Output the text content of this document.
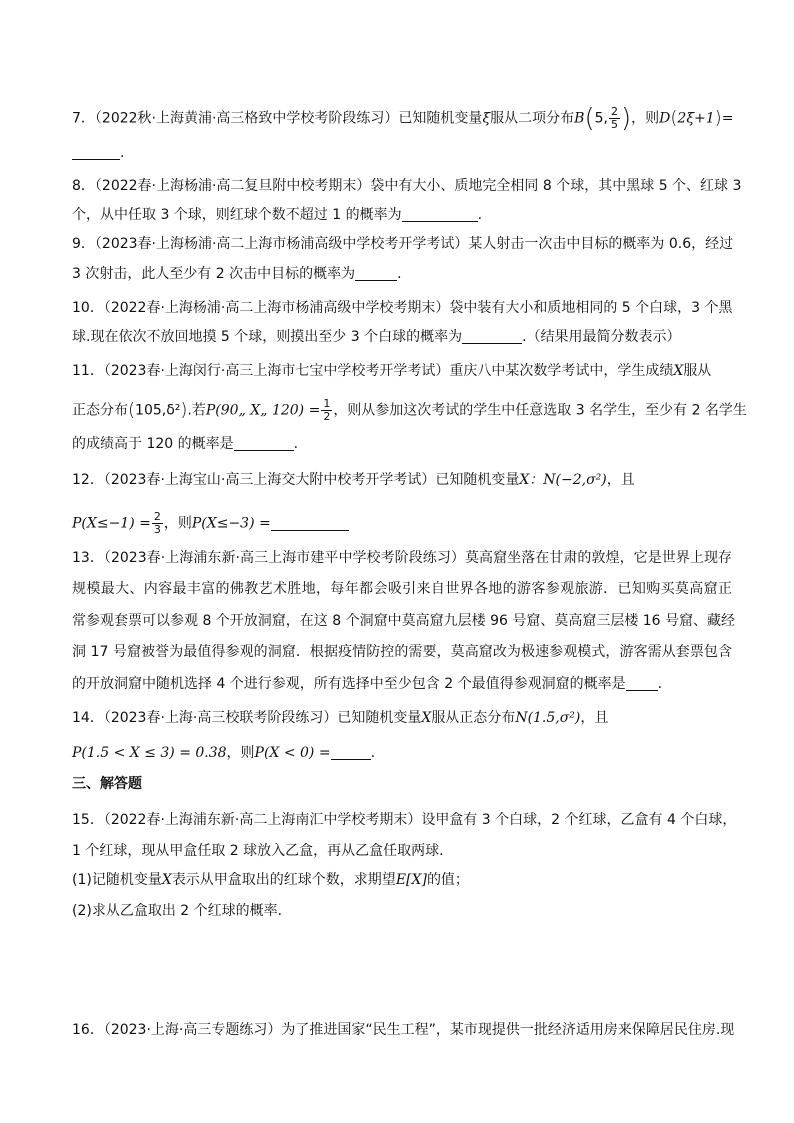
7．（2022秋·上海黄浦·高三格致中学校考阶段练习）已知随机变量ξ服从二项分布B(5, $\frac{2}{5}$ )，则D(2ξ+1)=
.
8．（2022春·上海杨浦·高二复旦附中校考期末）袋中有大小、质地完全相同 8 个球，其中黑球 5 个、红球 3
个，从中任取 3 个球，则红球个数不超过 1 的概率为	.
9．（2023春·上海杨浦·高二上海市杨浦高级中学校考开学考试）某人射击一次击中目标的概率为 0.6，经过
3 次射击，此人至少有 2 次击中目标的概率为	.
10．（2022春·上海杨浦·高二上海市杨浦高级中学校考期末）袋中装有大小和质地相同的 5 个白球，3 个黑
球.现在依次不放回地摸 5 个球，则摸出至少 3 个白球的概率为	.（结果用最简分数表示）
11．（2023春·上海闵行·高三上海市七宝中学校考开学考试）重庆八中某次数学考试中，学生成绩X服从
正态分布(105,δ²).若P(90„ X„ $120) = \frac{1}{2}$ ，则从参加这次考试的学生中任意选取 3 名学生，至少有 2 名学生
的成绩高于 120 的概率是	.
12．（2023春·上海宝山·高三上海交大附中校考开学考试）已知随机变量X：N(−2,σ²)，且
$P(X\le-1) = \frac{2}{3}$ ，则P(X≤−3) =
13．（2023春·上海浦东新·高三上海市建平中学校考阶段练习）莫高窟坐落在甘肃的敦煌，它是世界上现存
规模最大、内容最丰富的佛教艺术胜地，每年都会吸引来自世界各地的游客参观旅游．已知购买莫高窟正
常参观套票可以参观 8 个开放洞窟，在这 8 个洞窟中莫高窟九层楼 96 号窟、莫高窟三层楼 16 号窟、藏经
洞 17 号窟被誉为最值得参观的洞窟．根据疫情防控的需要，莫高窟改为极速参观模式，游客需从套票包含
的开放洞窟中随机选择 4 个进行参观，所有选择中至少包含 2 个最值得参观洞窟的概率是 .
14．（2023春·上海·高三校联考阶段练习）已知随机变量X服从正态分布N(1.5,σ²)，且
P(1.5 < X ≤ 3) = 0.38，则P(X < 0) =	.
三、解答题
15．（2022春·上海浦东新·高二上海南汇中学校考期末）设甲盒有 3 个白球，2 个红球，乙盒有 4 个白球，
1 个红球，现从甲盒任取 2 球放入乙盒，再从乙盒任取两球．
(1)记随机变量X表示从甲盒取出的红球个数，求期望E[X]的值；
(2)求从乙盒取出 2 个红球的概率．
16．（2023·上海·高三专题练习）为了推进国家“民生工程”，某市现提供一批经济适用房来保障居民住房.现
